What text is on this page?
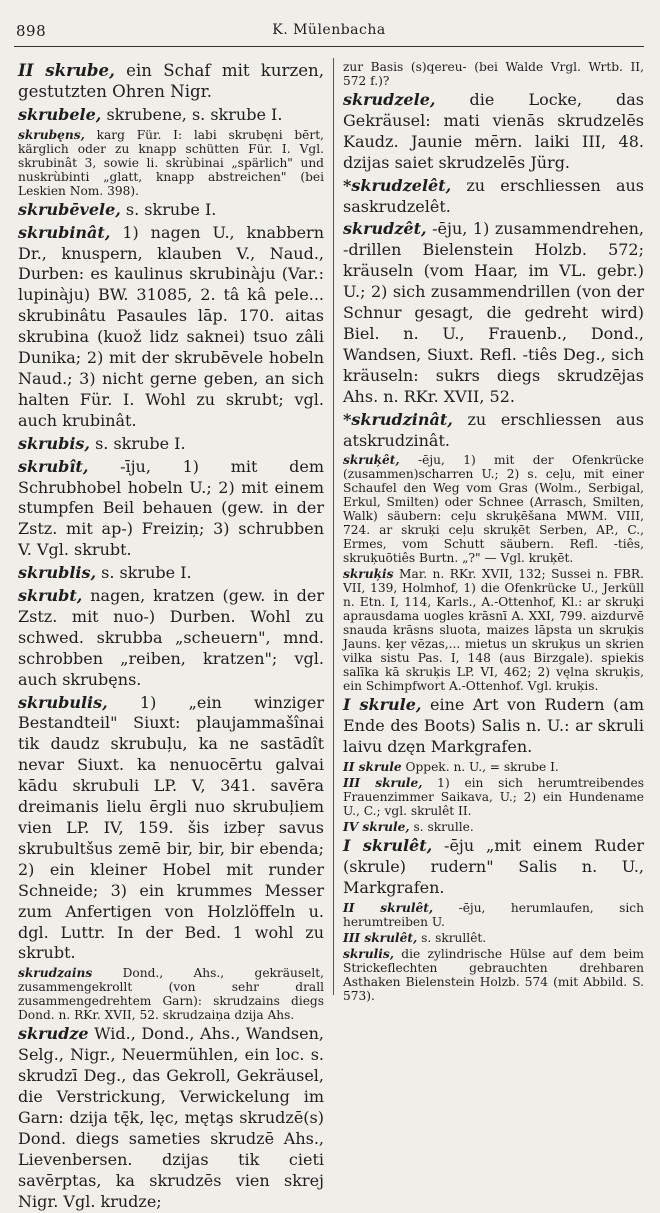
898	K. Mülenbacha

II skrube, ein Schaf mit kurzen, gestutzten Ohren Nigr.

skrubele, skrubene, s. skrube I.

skrubęns, karg Für. I: labi skrubęni bērt, kärglich oder zu knapp schütten Für. I. Vgl. skrubinât 3, sowie li. skrùbinai „spärlich" und nuskrùbinti „glatt, knapp abstreichen" (bei Leskien Nom. 398).

skrubēvele, s. skrube I.

skrubinât, 1) nagen U., knabbern Dr., knuspern, klauben V., Naud., Durben: es kaulinus skrubinàju (Var.: lupinàju) BW. 31085, 2. tâ kâ pele... skrubinâtu Pasaules lāp. 170. aitas skrubina (kuož lidz saknei) tsuo zâli Dunika; 2) mit der skrubēvele hobeln Naud.; 3) nicht gerne geben, an sich halten Für. I. Wohl zu skrubt; vgl. auch krubinât.

skrubis, s. skrube I.

skrubît, -īju, 1) mit dem Schrubhobel hobeln U.; 2) mit einem stumpfen Beil behauen (gew. in der Zstz. mit ap-) Freiziņ; 3) schrubben V. Vgl. skrubt.

skrublis, s. skrube I.

skrubt, nagen, kratzen (gew. in der Zstz. mit nuo-) Durben. Wohl zu schwed. skrubba „scheuern", mnd. schrobben „reiben, kratzen"; vgl. auch skrubęns.

skrubulis, 1) „ein winziger Bestandteil" Siuxt: plaujammašînai tik daudz skrubuļu, ka ne sastādît nevar Siuxt. ka nenuocērtu galvai kādu skrubuli LP. V, 341. savēra dreimanis lielu ērgli nuo skrubuļiem vien LP. IV, 159. šis izbeŗ savus skrubultšus zemē bir, bir, bir ebenda; 2) ein kleiner Hobel mit runder Schneide; 3) ein krummes Messer zum Anfertigen von Holzlöffeln u. dgl. Luttr. In der Bed. 1 wohl zu skrubt.

skrudzains Dond., Ahs., gekräuselt, zusammengekrollt (von sehr drall zusammengedrehtem Garn): skrudzains diegs Dond. n. RKr. XVII, 52. skrudzaiņa dzija Ahs.

skrudze Wid., Dond., Ahs., Wandsen, Selg., Nigr., Neuermühlen, ein loc. s. skrudzī Deg., das Gekroll, Gekräusel, die Verstrickung, Verwickelung im Garn: dzija tę̄k, lęc, męta̧s skrudzē(s) Dond. diegs sameties skrudzē Ahs., Lievenbersen. dzijas tik cieti savērptas, ka skrudzēs vien skrej Nigr. Vgl. krudze;

zur Basis (s)qereu- (bei Walde Vrgl. Wrtb. II, 572 f.)?

skrudzele, die Locke, das Gekräusel: mati vienās skrudzelēs Kaudz. Jaunie mērn. laiki III, 48. dzijas saiet skrudzelēs Jürg.

*skrudzelêt, zu erschliessen aus saskrudzelêt.

skrudzêt, -ēju, 1) zusammendrehen, -drillen Bielenstein Holzb. 572; kräuseln (vom Haar, im VL. gebr.) U.; 2) sich zusammendrillen (von der Schnur gesagt, die gedreht wird) Biel. n. U., Frauenb., Dond., Wandsen, Siuxt. Refl. -tiês Deg., sich kräuseln: sukrs diegs skrudzējas Ahs. n. RKr. XVII, 52.

*skrudzinât, zu erschliessen aus atskrudzinât.

skruķêt, -ēju, 1) mit der Ofenkrücke (zusammen)scharren U.; 2) s. ceļu, mit einer Schaufel den Weg vom Gras (Wolm., Serbigal, Erkul, Smilten) oder Schnee (Arrasch, Smilten, Walk) säubern: ceļu skruķēšana MWM. VIII, 724. ar skruķi ceļu skruķēt Serben, AP., C., Ermes, vom Schutt säubern. Refl. -tiês, skruķuōtiês Burtn. „?" — Vgl. kruķēt.

skruķis Mar. n. RKr. XVII, 132; Sussei n. FBR. VII, 139, Holmhof, 1) die Ofenkrücke U., Jerküll n. Etn. I, 114, Karls., A.-Ottenhof, Kl.: ar skruķi aprausdama uogles krāsnī A. XXI, 799. aizdurvē snauda krāsns sluota, maizes lāpsta un skruķis Jauns. ķeŗ vēzas,... mietus un skruķus un skrien vilka sistu Pas. I, 148 (aus Birzgale). spiekis salīka kā skruķis LP. VI, 462; 2) vęlna skruķis, ein Schimpfwort A.-Ottenhof. Vgl. kruķis.

I skrule, eine Art von Rudern (am Ende des Boots) Salis n. U.: ar skruli laivu dzęn Markgrafen.

II skrule Oppek. n. U., = skrube I.

III skrule, 1) ein sich herumtreibendes Frauenzimmer Saikava, U.; 2) ein Hundename U., C.; vgl. skrulêt II.

IV skrule, s. skrulle.

I skrulêt, -ēju „mit einem Ruder (skrule) rudern" Salis n. U., Markgrafen.

II skrulêt, -ēju, herumlaufen, sich herumtreiben U.

III skrulêt, s. skrullêt.

skrulis, die zylindrische Hülse auf dem beim Strickeflechten gebrauchten drehbaren Asthaken Bielenstein Holzb. 574 (mit Abbild. S. 573).
